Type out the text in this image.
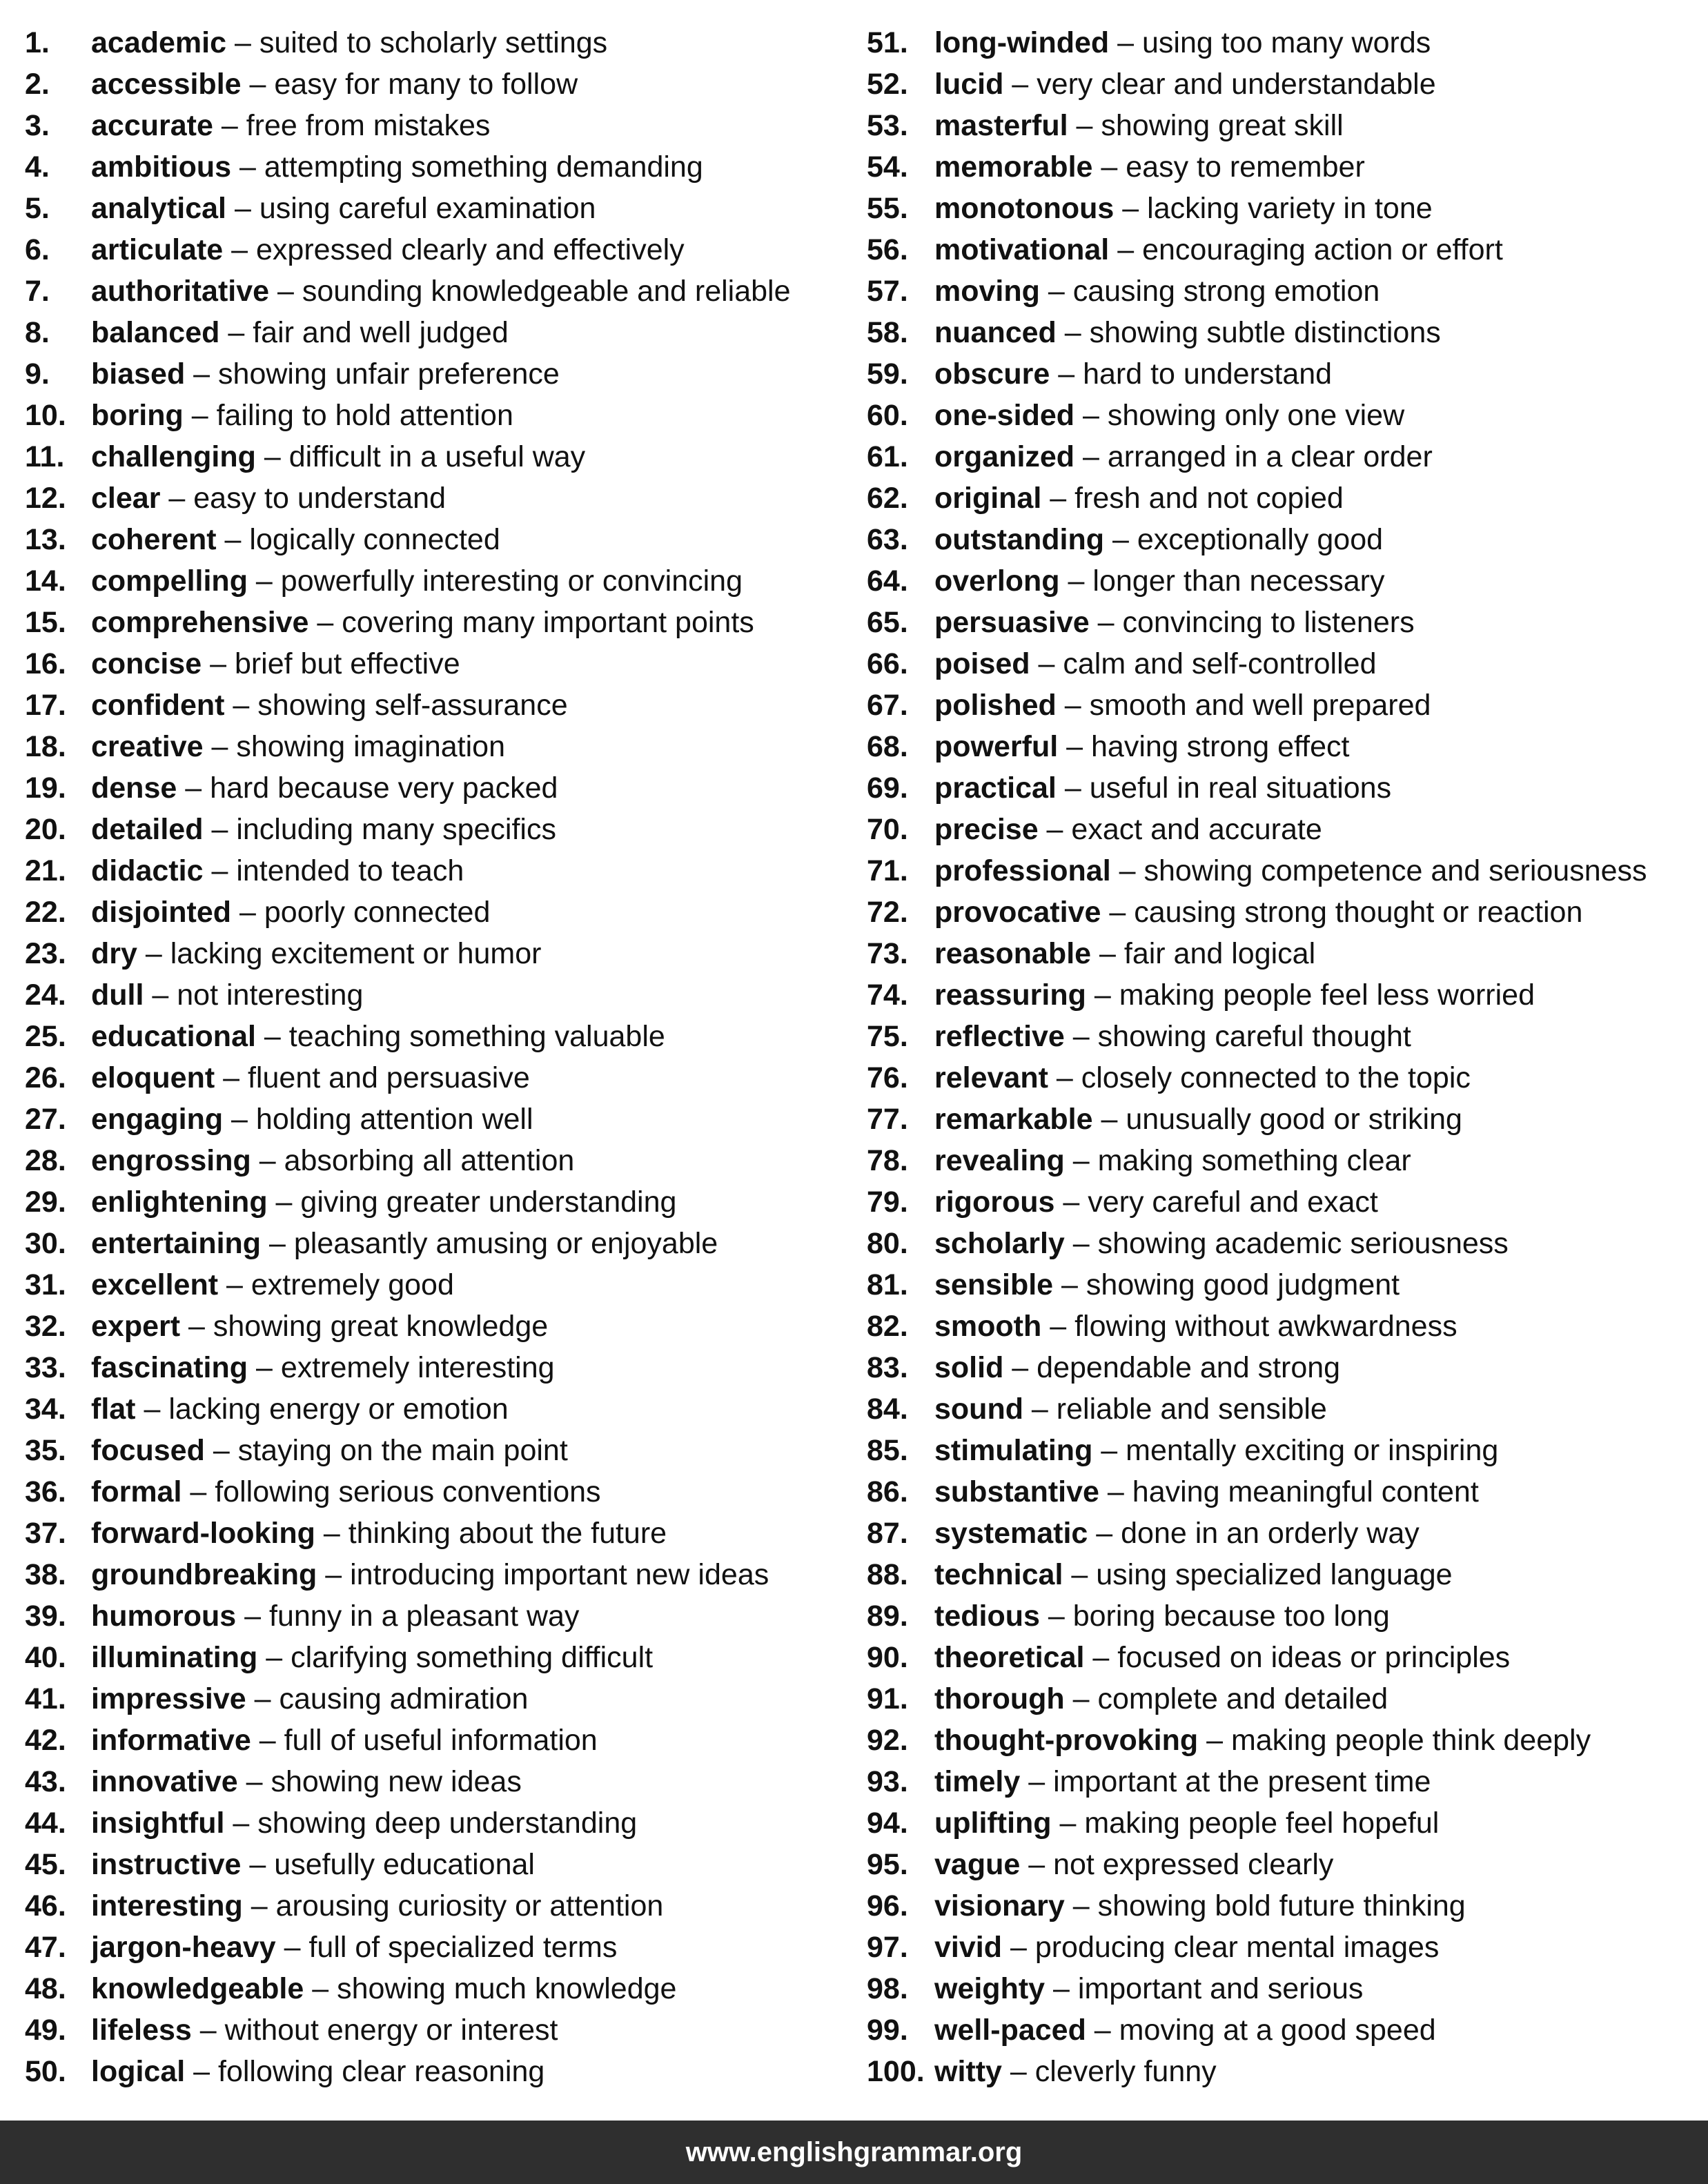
1. academic – suited to scholarly settings
2. accessible – easy for many to follow
3. accurate – free from mistakes
4. ambitious – attempting something demanding
5. analytical – using careful examination
6. articulate – expressed clearly and effectively
7. authoritative – sounding knowledgeable and reliable
8. balanced – fair and well judged
9. biased – showing unfair preference
10. boring – failing to hold attention
11. challenging – difficult in a useful way
12. clear – easy to understand
13. coherent – logically connected
14. compelling – powerfully interesting or convincing
15. comprehensive – covering many important points
16. concise – brief but effective
17. confident – showing self-assurance
18. creative – showing imagination
19. dense – hard because very packed
20. detailed – including many specifics
21. didactic – intended to teach
22. disjointed – poorly connected
23. dry – lacking excitement or humor
24. dull – not interesting
25. educational – teaching something valuable
26. eloquent – fluent and persuasive
27. engaging – holding attention well
28. engrossing – absorbing all attention
29. enlightening – giving greater understanding
30. entertaining – pleasantly amusing or enjoyable
31. excellent – extremely good
32. expert – showing great knowledge
33. fascinating – extremely interesting
34. flat – lacking energy or emotion
35. focused – staying on the main point
36. formal – following serious conventions
37. forward-looking – thinking about the future
38. groundbreaking – introducing important new ideas
39. humorous – funny in a pleasant way
40. illuminating – clarifying something difficult
41. impressive – causing admiration
42. informative – full of useful information
43. innovative – showing new ideas
44. insightful – showing deep understanding
45. instructive – usefully educational
46. interesting – arousing curiosity or attention
47. jargon-heavy – full of specialized terms
48. knowledgeable – showing much knowledge
49. lifeless – without energy or interest
50. logical – following clear reasoning
51. long-winded – using too many words
52. lucid – very clear and understandable
53. masterful – showing great skill
54. memorable – easy to remember
55. monotonous – lacking variety in tone
56. motivational – encouraging action or effort
57. moving – causing strong emotion
58. nuanced – showing subtle distinctions
59. obscure – hard to understand
60. one-sided – showing only one view
61. organized – arranged in a clear order
62. original – fresh and not copied
63. outstanding – exceptionally good
64. overlong – longer than necessary
65. persuasive – convincing to listeners
66. poised – calm and self-controlled
67. polished – smooth and well prepared
68. powerful – having strong effect
69. practical – useful in real situations
70. precise – exact and accurate
71. professional – showing competence and seriousness
72. provocative – causing strong thought or reaction
73. reasonable – fair and logical
74. reassuring – making people feel less worried
75. reflective – showing careful thought
76. relevant – closely connected to the topic
77. remarkable – unusually good or striking
78. revealing – making something clear
79. rigorous – very careful and exact
80. scholarly – showing academic seriousness
81. sensible – showing good judgment
82. smooth – flowing without awkwardness
83. solid – dependable and strong
84. sound – reliable and sensible
85. stimulating – mentally exciting or inspiring
86. substantive – having meaningful content
87. systematic – done in an orderly way
88. technical – using specialized language
89. tedious – boring because too long
90. theoretical – focused on ideas or principles
91. thorough – complete and detailed
92. thought-provoking – making people think deeply
93. timely – important at the present time
94. uplifting – making people feel hopeful
95. vague – not expressed clearly
96. visionary – showing bold future thinking
97. vivid – producing clear mental images
98. weighty – important and serious
99. well-paced – moving at a good speed
100. witty – cleverly funny
www.englishgrammar.org
